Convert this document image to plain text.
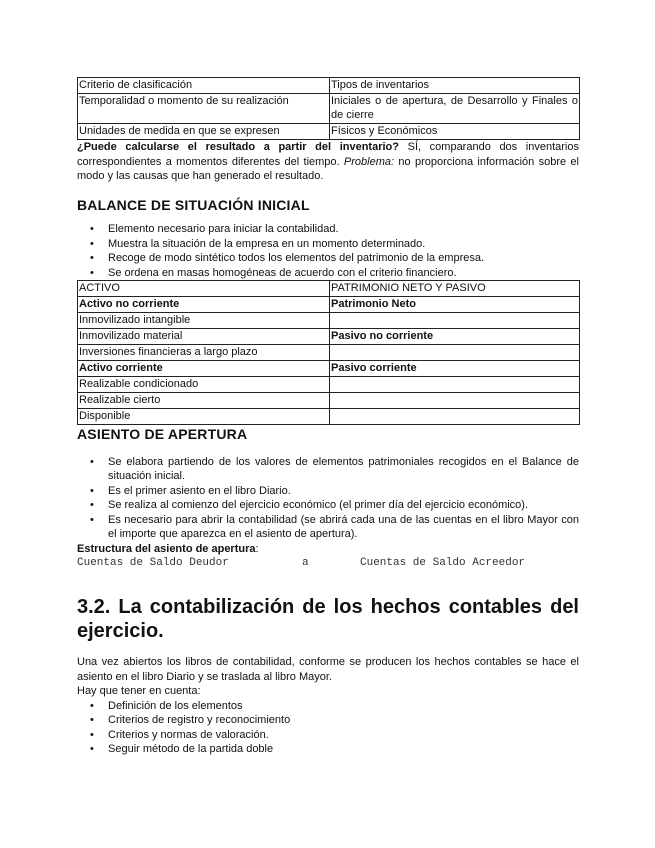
Criterio de clasificación	Tipos de inventarios
Temporalidad o momento de su realización	Iniciales o de apertura, de Desarrollo y Finales o de cierre
Unidades de medida en que se expresen	Físicos y Económicos

¿Puede calcularse el resultado a partir del inventario? SÍ, comparando dos inventarios correspondientes a momentos diferentes del tiempo. Problema: no proporciona información sobre el modo y las causas que han generado el resultado.

BALANCE DE SITUACIÓN INICIAL
• Elemento necesario para iniciar la contabilidad.
• Muestra la situación de la empresa en un momento determinado.
• Recoge de modo sintético todos los elementos del patrimonio de la empresa.
• Se ordena en masas homogéneas de acuerdo con el criterio financiero.
ACTIVO	PATRIMONIO NETO Y PASIVO
Activo no corriente	Patrimonio Neto
Inmovilizado intangible	
Inmovilizado material	Pasivo no corriente
Inversiones financieras a largo plazo	
Activo corriente	Pasivo corriente
Realizable condicionado	
Realizable cierto	
Disponible	
ASIENTO DE APERTURA
• Se elabora partiendo de los valores de elementos patrimoniales recogidos en el Balance de situación inicial.
• Es el primer asiento en el libro Diario.
• Se realiza al comienzo del ejercicio económico (el primer día del ejercicio económico).
• Es necesario para abrir la contabilidad (se abrirá cada una de las cuentas en el libro Mayor con el importe que aparezca en el asiento de apertura).

Estructura del asiento de apertura:

Cuentas de Saldo Deudor	a	Cuentas de Saldo Acreedor
3.2. La contabilización de los hechos contables del ejercicio.

Una vez abiertos los libros de contabilidad, conforme se producen los hechos contables se hace el asiento en el libro Diario y se traslada al libro Mayor.

Hay que tener en cuenta:

• Definición de los elementos
• Criterios de registro y reconocimiento
• Criterios y normas de valoración.
• Seguir método de la partida doble
